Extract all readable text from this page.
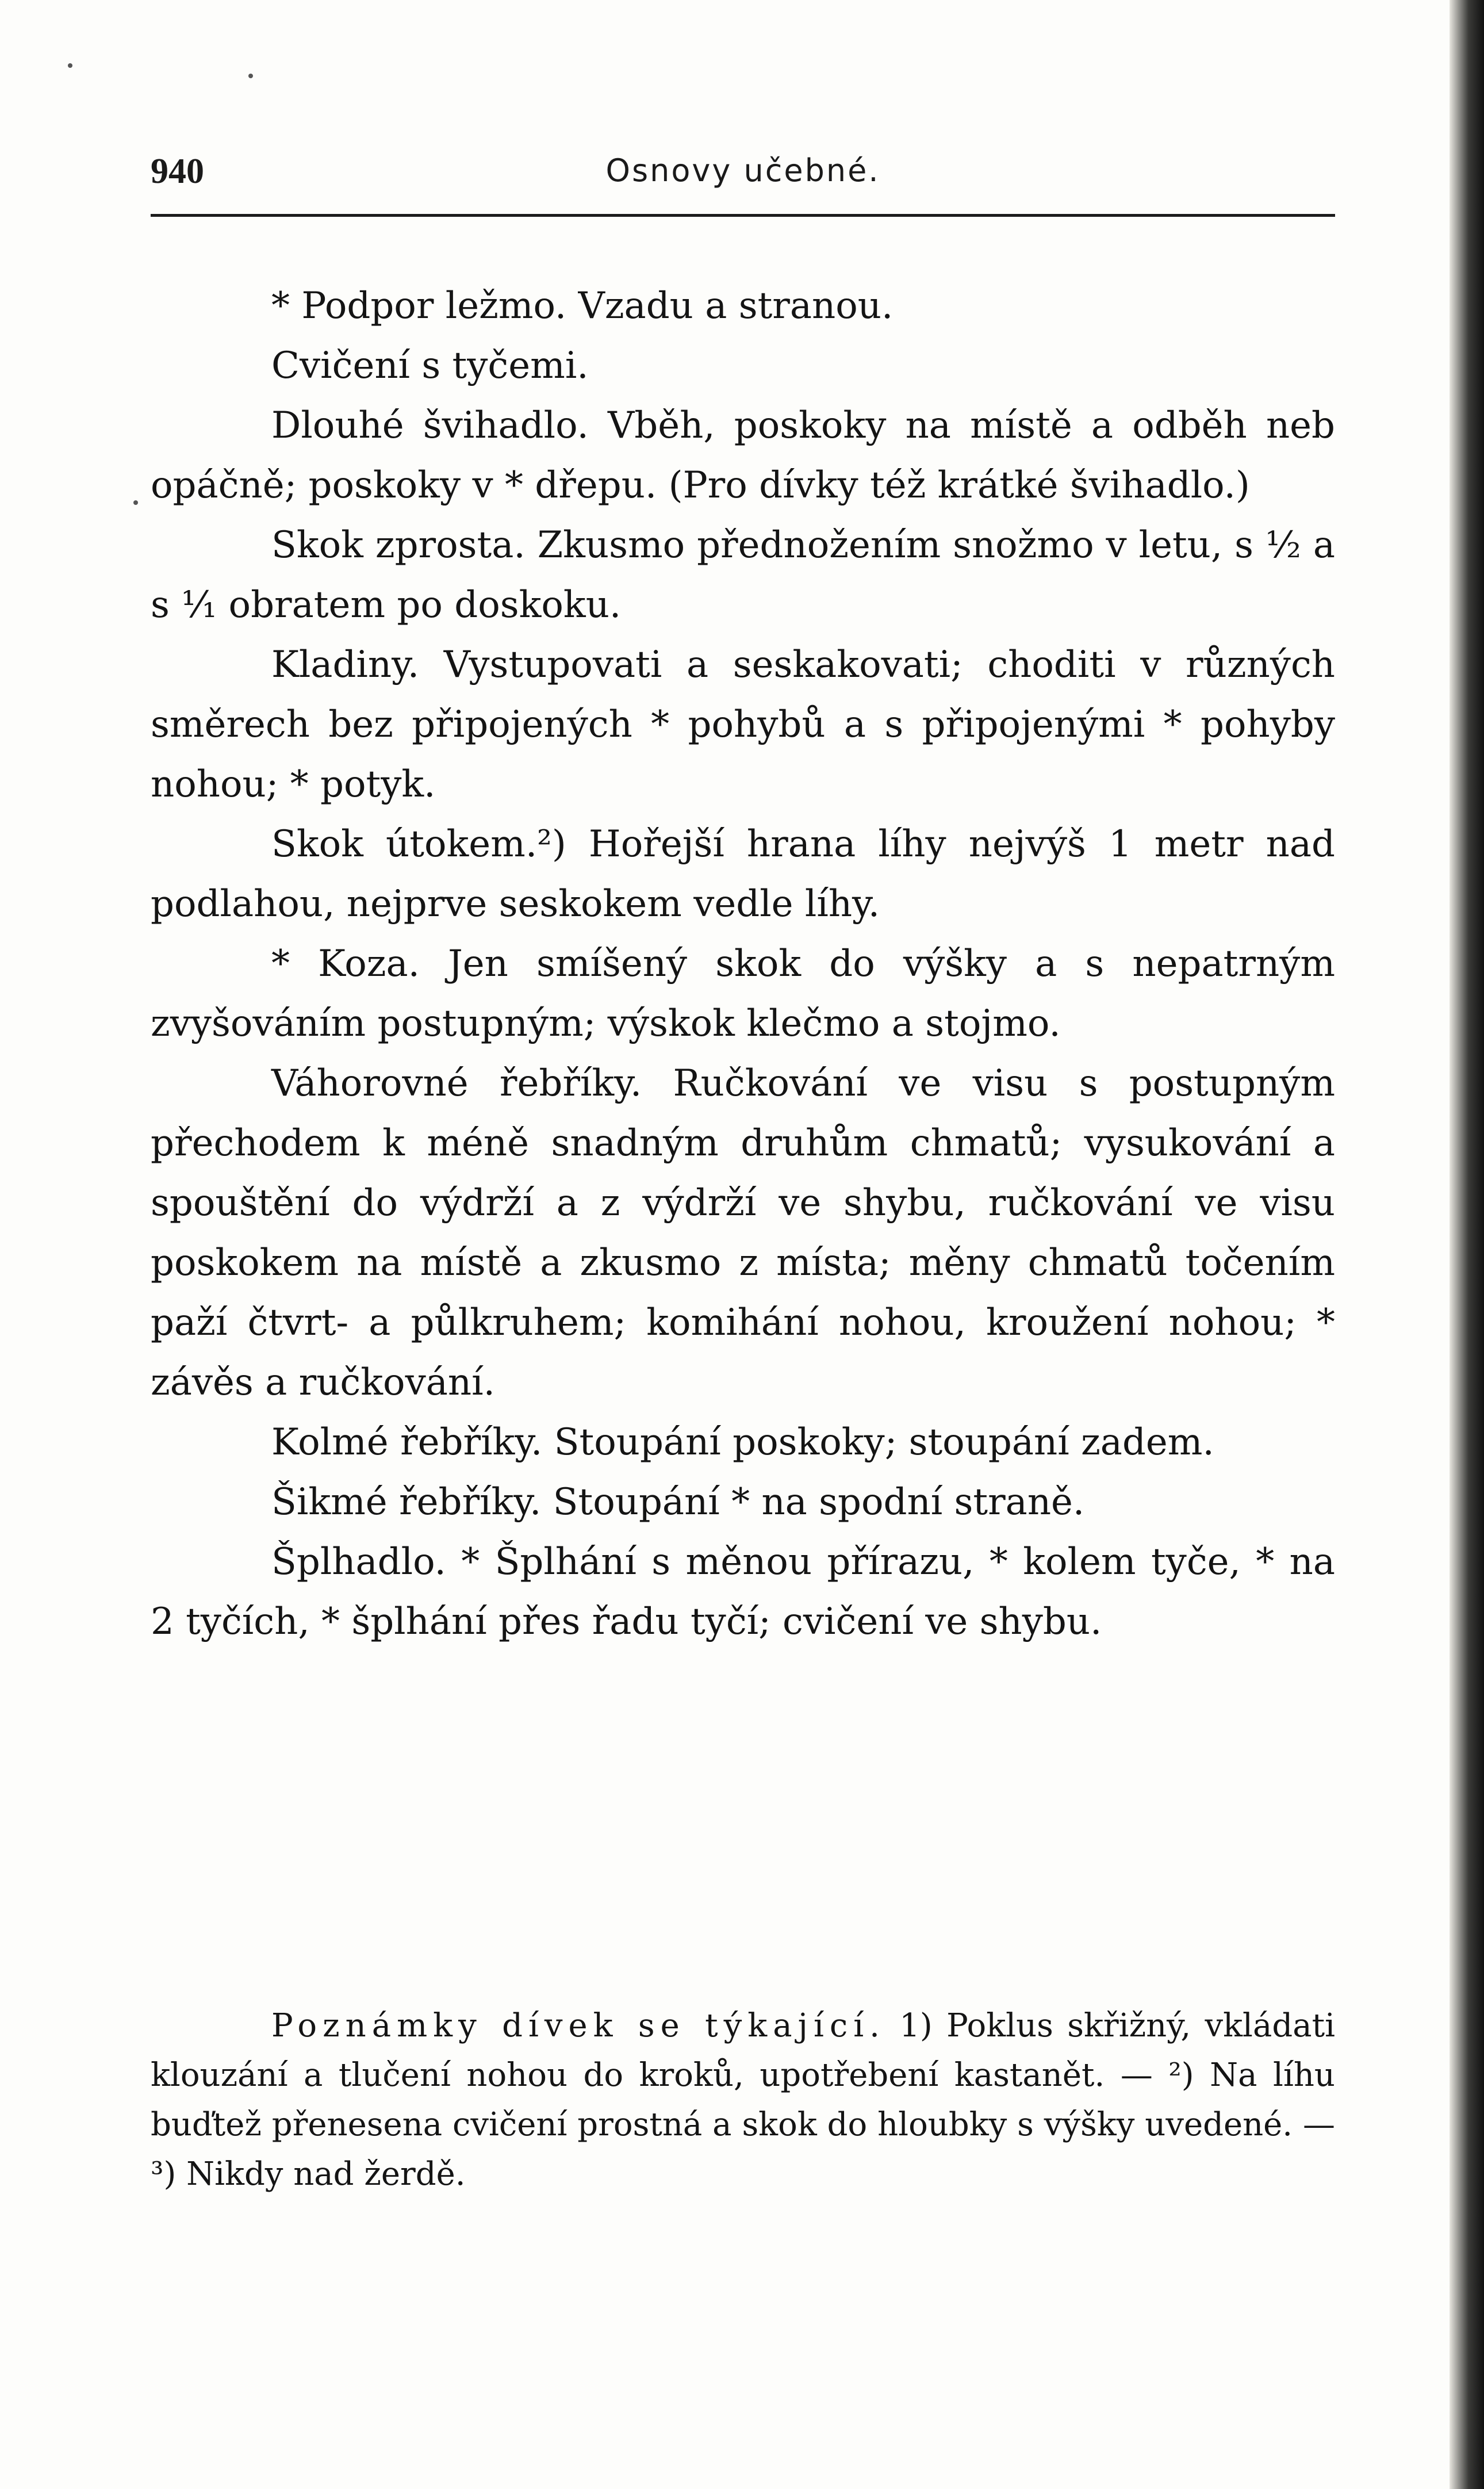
940	Osnovy učebné.

* Podpor ležmo. Vzadu a stranou.

Cvičení s tyčemi.

Dlouhé švihadlo. Vběh, poskoky na místě a odběh neb opáčně; poskoky v * dřepu. (Pro dívky též krátké švihadlo.)

Skok zprosta. Zkusmo přednožením snožmo v letu, s ½ a s ¹⁄₁ obratem po doskoku.

Kladiny. Vystupovati a seskakovati; choditi v různých směrech bez připojených * pohybů a s připojenými * pohyby nohou; * potyk.

Skok útokem.²) Hořejší hrana líhy nejvýš 1 metr nad podlahou, nejprve seskokem vedle líhy.

* Koza. Jen smíšený skok do výšky a s nepatrným zvyšováním postupným; výskok klečmo a stojmo.

Váhorovné řebříky. Ručkování ve visu s postupným přechodem k méně snadným druhům chmatů; vysukování a spouštění do výdrží a z výdrží ve shybu, ručkování ve visu poskokem na místě a zkusmo z místa; měny chmatů točením paží čtvrt- a půlkruhem; komihání nohou, kroužení nohou; * závěs a ručkování.

Kolmé řebříky. Stoupání poskoky; stoupání zadem.

Šikmé řebříky. Stoupání * na spodní straně.

Šplhadlo. * Šplhání s měnou přírazu, * kolem tyče, * na 2 tyčích, * šplhání přes řadu tyčí; cvičení ve shybu.

Poznámky dívek se týkající. 1) Poklus skřižný, vkládati klouzání a tlučení nohou do kroků, upotřebení kastanět. — ²) Na líhu buďtež přenesena cvičení prostná a skok do hloubky s výšky uvedené. — ³) Nikdy nad žerdě.
